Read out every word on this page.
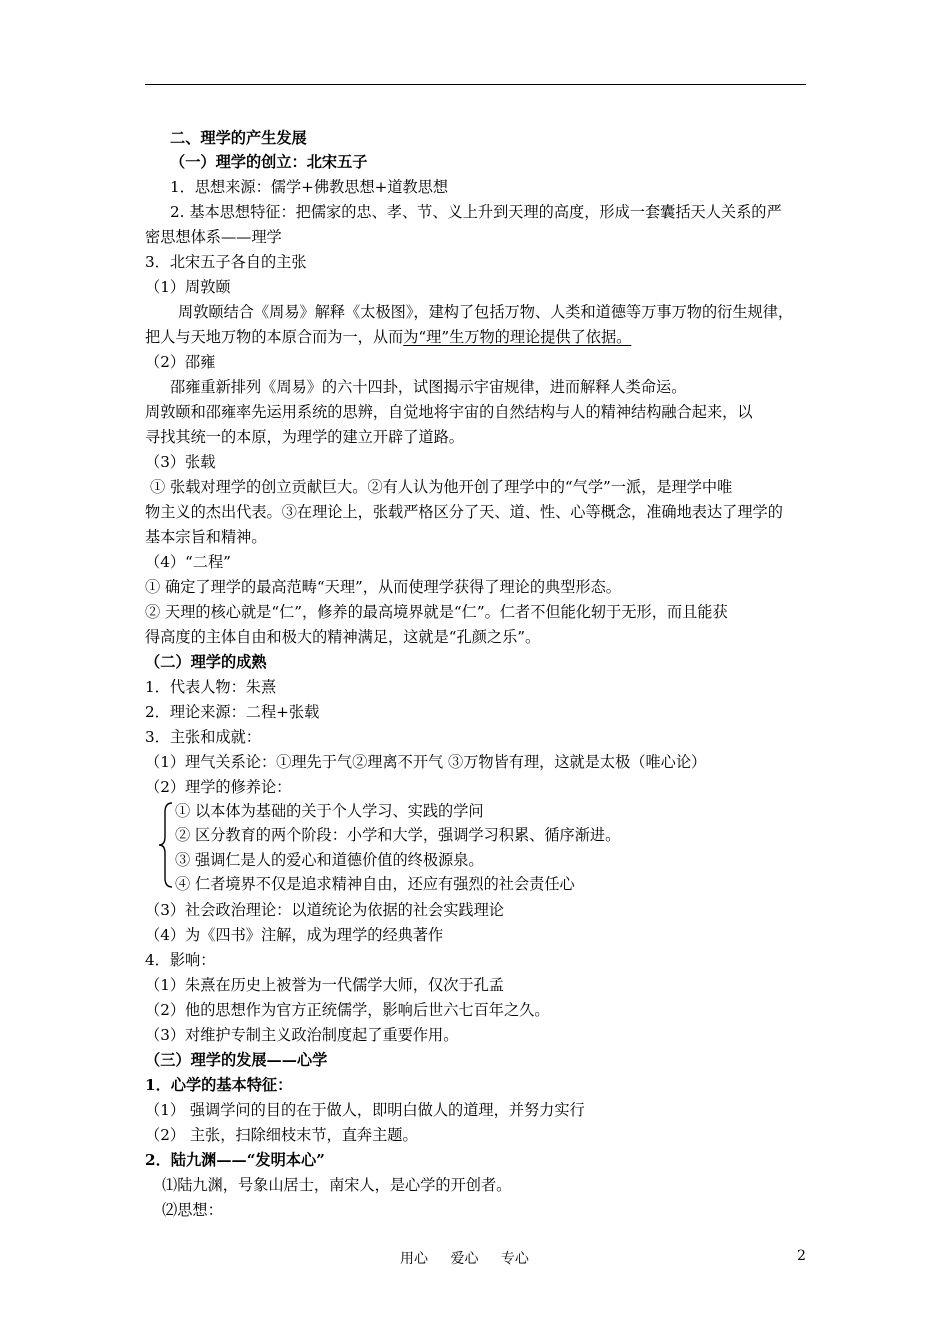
二、理学的产生发展
（一）理学的创立：北宋五子
1．思想来源：儒学+佛教思想+道教思想
2. 基本思想特征：把儒家的忠、孝、节、义上升到天理的高度，形成一套囊括天人关系的严
密思想体系——理学
3．北宋五子各自的主张
（1）周敦颐
周敦颐结合《周易》解释《太极图》，建构了包括万物、人类和道德等万事万物的衍生规律，
把人与天地万物的本原合而为一，从而为“理”生万物的理论提供了依据。
（2）邵雍
邵雍重新排列《周易》的六十四卦，试图揭示宇宙规律，进而解释人类命运。
周敦颐和邵雍率先运用系统的思辨，自觉地将宇宙的自然结构与人的精神结构融合起来，以
寻找其统一的本原，为理学的建立开辟了道路。
（3）张载
① 张载对理学的创立贡献巨大。②有人认为他开创了理学中的“气学”一派，是理学中唯
物主义的杰出代表。③在理论上，张载严格区分了天、道、性、心等概念，准确地表达了理学的
基本宗旨和精神。
（4）“二程”
① 确定了理学的最高范畴“天理”，从而使理学获得了理论的典型形态。
② 天理的核心就是“仁”，修养的最高境界就是“仁”。仁者不但能化轫于无形，而且能获
得高度的主体自由和极大的精神满足，这就是“孔颜之乐”。
（二）理学的成熟
1．代表人物：朱熹
2．理论来源：二程+张载
3．主张和成就：
（1）理气关系论：①理先于气②理离不开气 ③万物皆有理，这就是太极（唯心论）
（2）理学的修养论：
① 以本体为基础的关于个人学习、实践的学问
② 区分教育的两个阶段：小学和大学，强调学习积累、循序渐进。
③ 强调仁是人的爱心和道德价值的终极源泉。
④ 仁者境界不仅是追求精神自由，还应有强烈的社会责任心
（3）社会政治理论：以道统论为依据的社会实践理论
（4）为《四书》注解，成为理学的经典著作
4．影响：
（1）朱熹在历史上被誉为一代儒学大师，仅次于孔孟
（2）他的思想作为官方正统儒学，影响后世六七百年之久。
（3）对维护专制主义政治制度起了重要作用。
（三）理学的发展——心学
1．心学的基本特征：
（1） 强调学问的目的在于做人，即明白做人的道理，并努力实行
（2） 主张，扫除细枝末节，直奔主题。
2．陆九渊——“发明本心”
⑴陆九渊，号象山居士，南宋人，是心学的开创者。
⑵思想：
用心 爱心 专心	2
